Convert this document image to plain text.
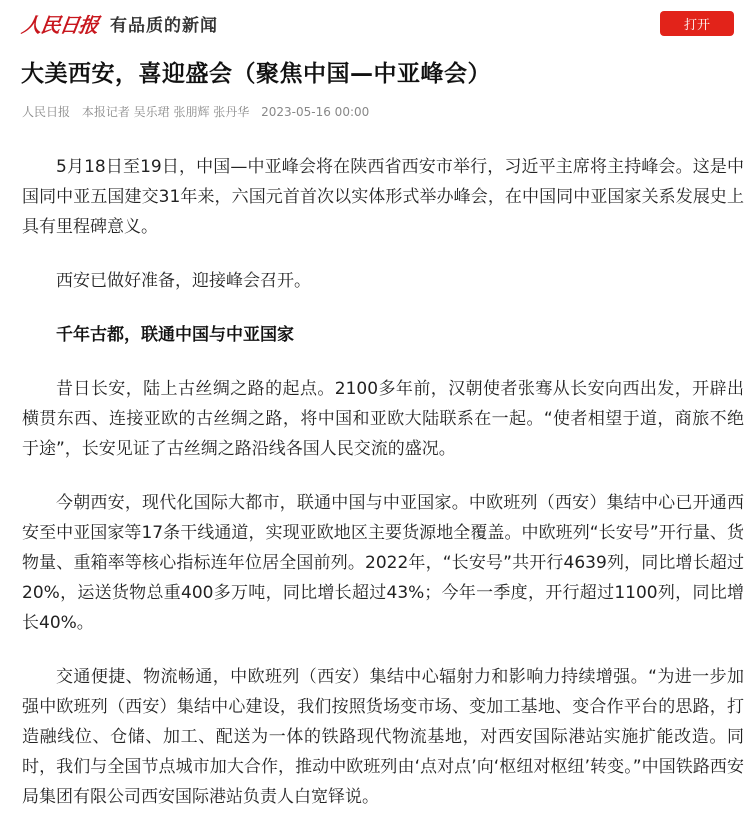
人民日报 有品质的新闻	打开
大美西安，喜迎盛会（聚焦中国—中亚峰会）
人民日报 本报记者 吴乐珺 张朋辉 张丹华 2023-05-16 00:00

5月18日至19日，中国—中亚峰会将在陕西省西安市举行，习近平主席将主持峰会。这是中国同中亚五国建交31年来，六国元首首次以实体形式举办峰会，在中国同中亚国家关系发展史上具有里程碑意义。

西安已做好准备，迎接峰会召开。

千年古都，联通中国与中亚国家

昔日长安，陆上古丝绸之路的起点。2100多年前，汉朝使者张骞从长安向西出发，开辟出横贯东西、连接亚欧的古丝绸之路，将中国和亚欧大陆联系在一起。“使者相望于道，商旅不绝于途”，长安见证了古丝绸之路沿线各国人民交流的盛况。

今朝西安，现代化国际大都市，联通中国与中亚国家。中欧班列（西安）集结中心已开通西安至中亚国家等17条干线通道，实现亚欧地区主要货源地全覆盖。中欧班列“长安号”开行量、货物量、重箱率等核心指标连年位居全国前列。2022年，“长安号”共开行4639列，同比增长超过20%，运送货物总重400多万吨，同比增长超过43%；今年一季度，开行超过1100列，同比增长40%。

交通便捷、物流畅通，中欧班列（西安）集结中心辐射力和影响力持续增强。“为进一步加强中欧班列（西安）集结中心建设，我们按照货场变市场、变加工基地、变合作平台的思路，打造融线位、仓储、加工、配送为一体的铁路现代物流基地，对西安国际港站实施扩能改造。同时，我们与全国节点城市加大合作，推动中欧班列由‘点对点’向‘枢纽对枢纽’转变。”中国铁路西安局集团有限公司西安国际港站负责人白宽铎说。
